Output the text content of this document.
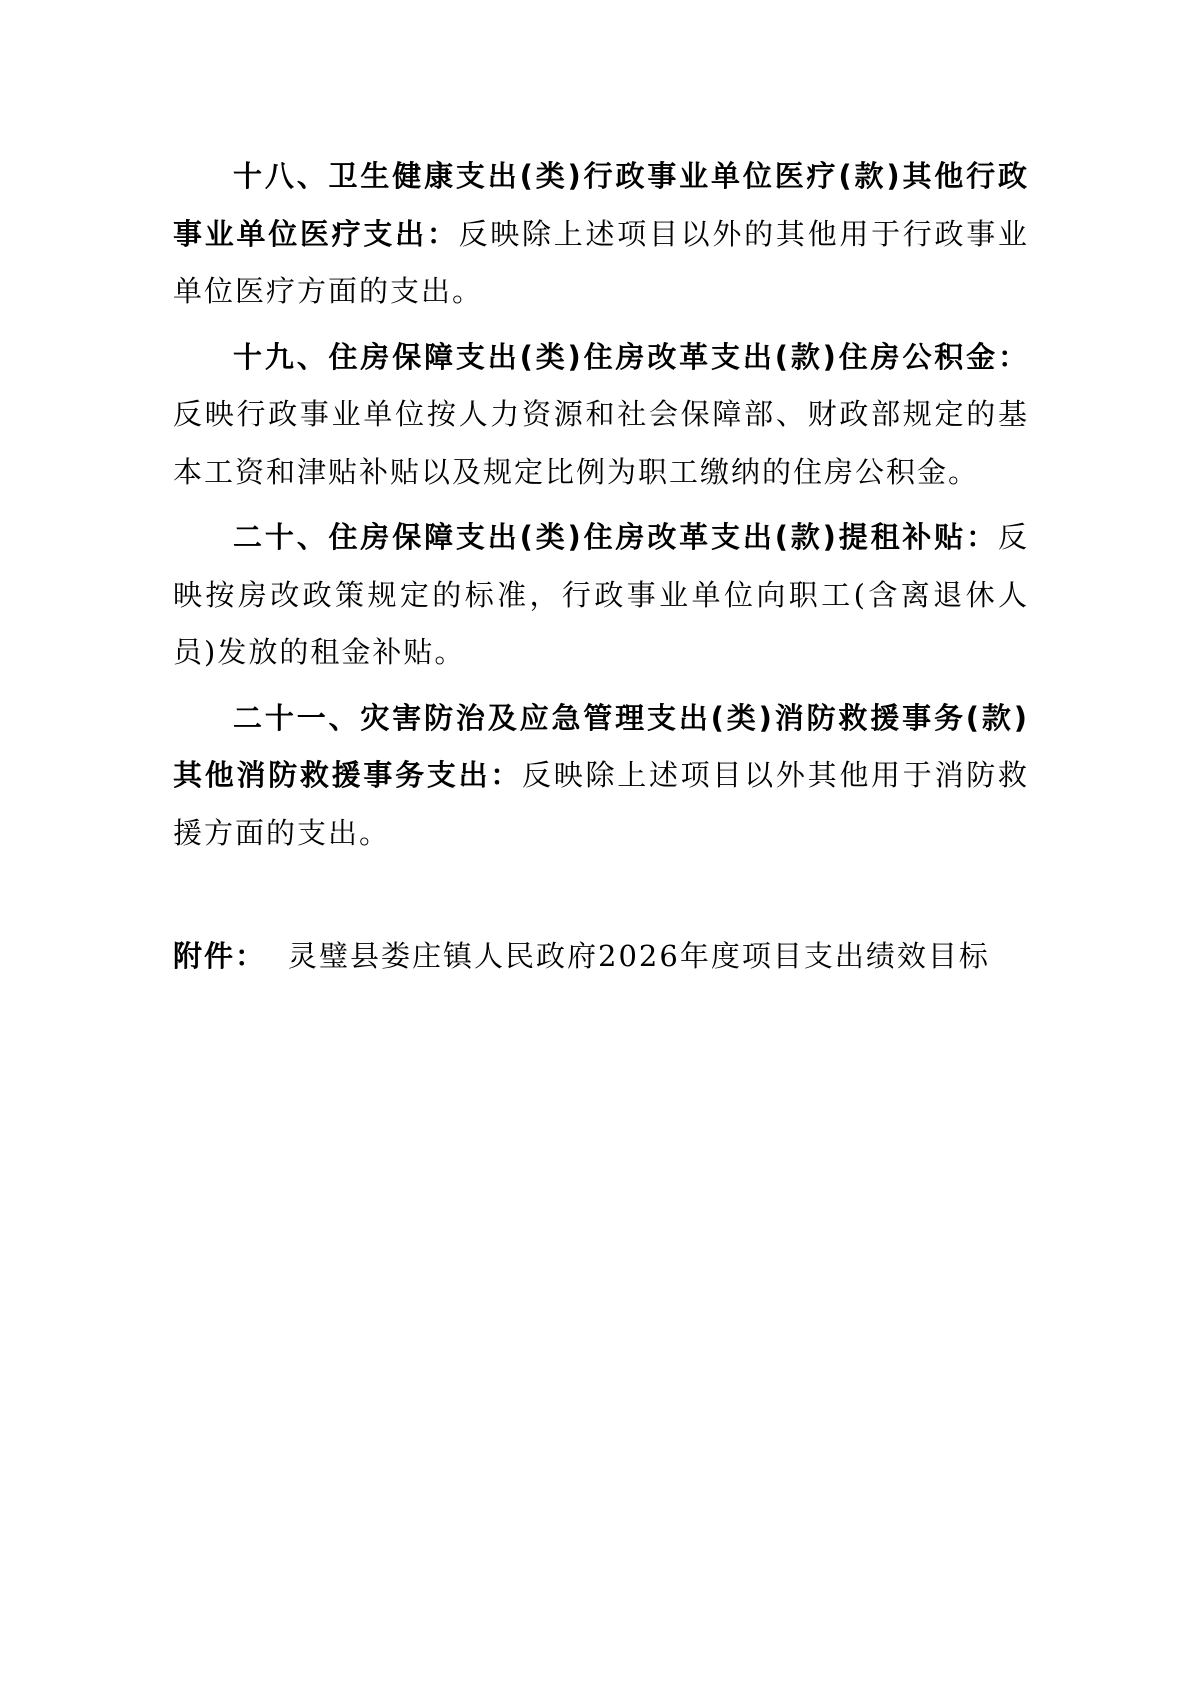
十八、卫生健康支出(类)行政事业单位医疗(款)其他行政事业单位医疗支出：反映除上述项目以外的其他用于行政事业单位医疗方面的支出。

十九、住房保障支出(类)住房改革支出(款)住房公积金：反映行政事业单位按人力资源和社会保障部、财政部规定的基本工资和津贴补贴以及规定比例为职工缴纳的住房公积金。

二十、住房保障支出(类)住房改革支出(款)提租补贴：反映按房改政策规定的标准，行政事业单位向职工(含离退休人员)发放的租金补贴。

二十一、灾害防治及应急管理支出(类)消防救援事务(款)其他消防救援事务支出：反映除上述项目以外其他用于消防救援方面的支出。

附件： 灵璧县娄庄镇人民政府2026年度项目支出绩效目标
